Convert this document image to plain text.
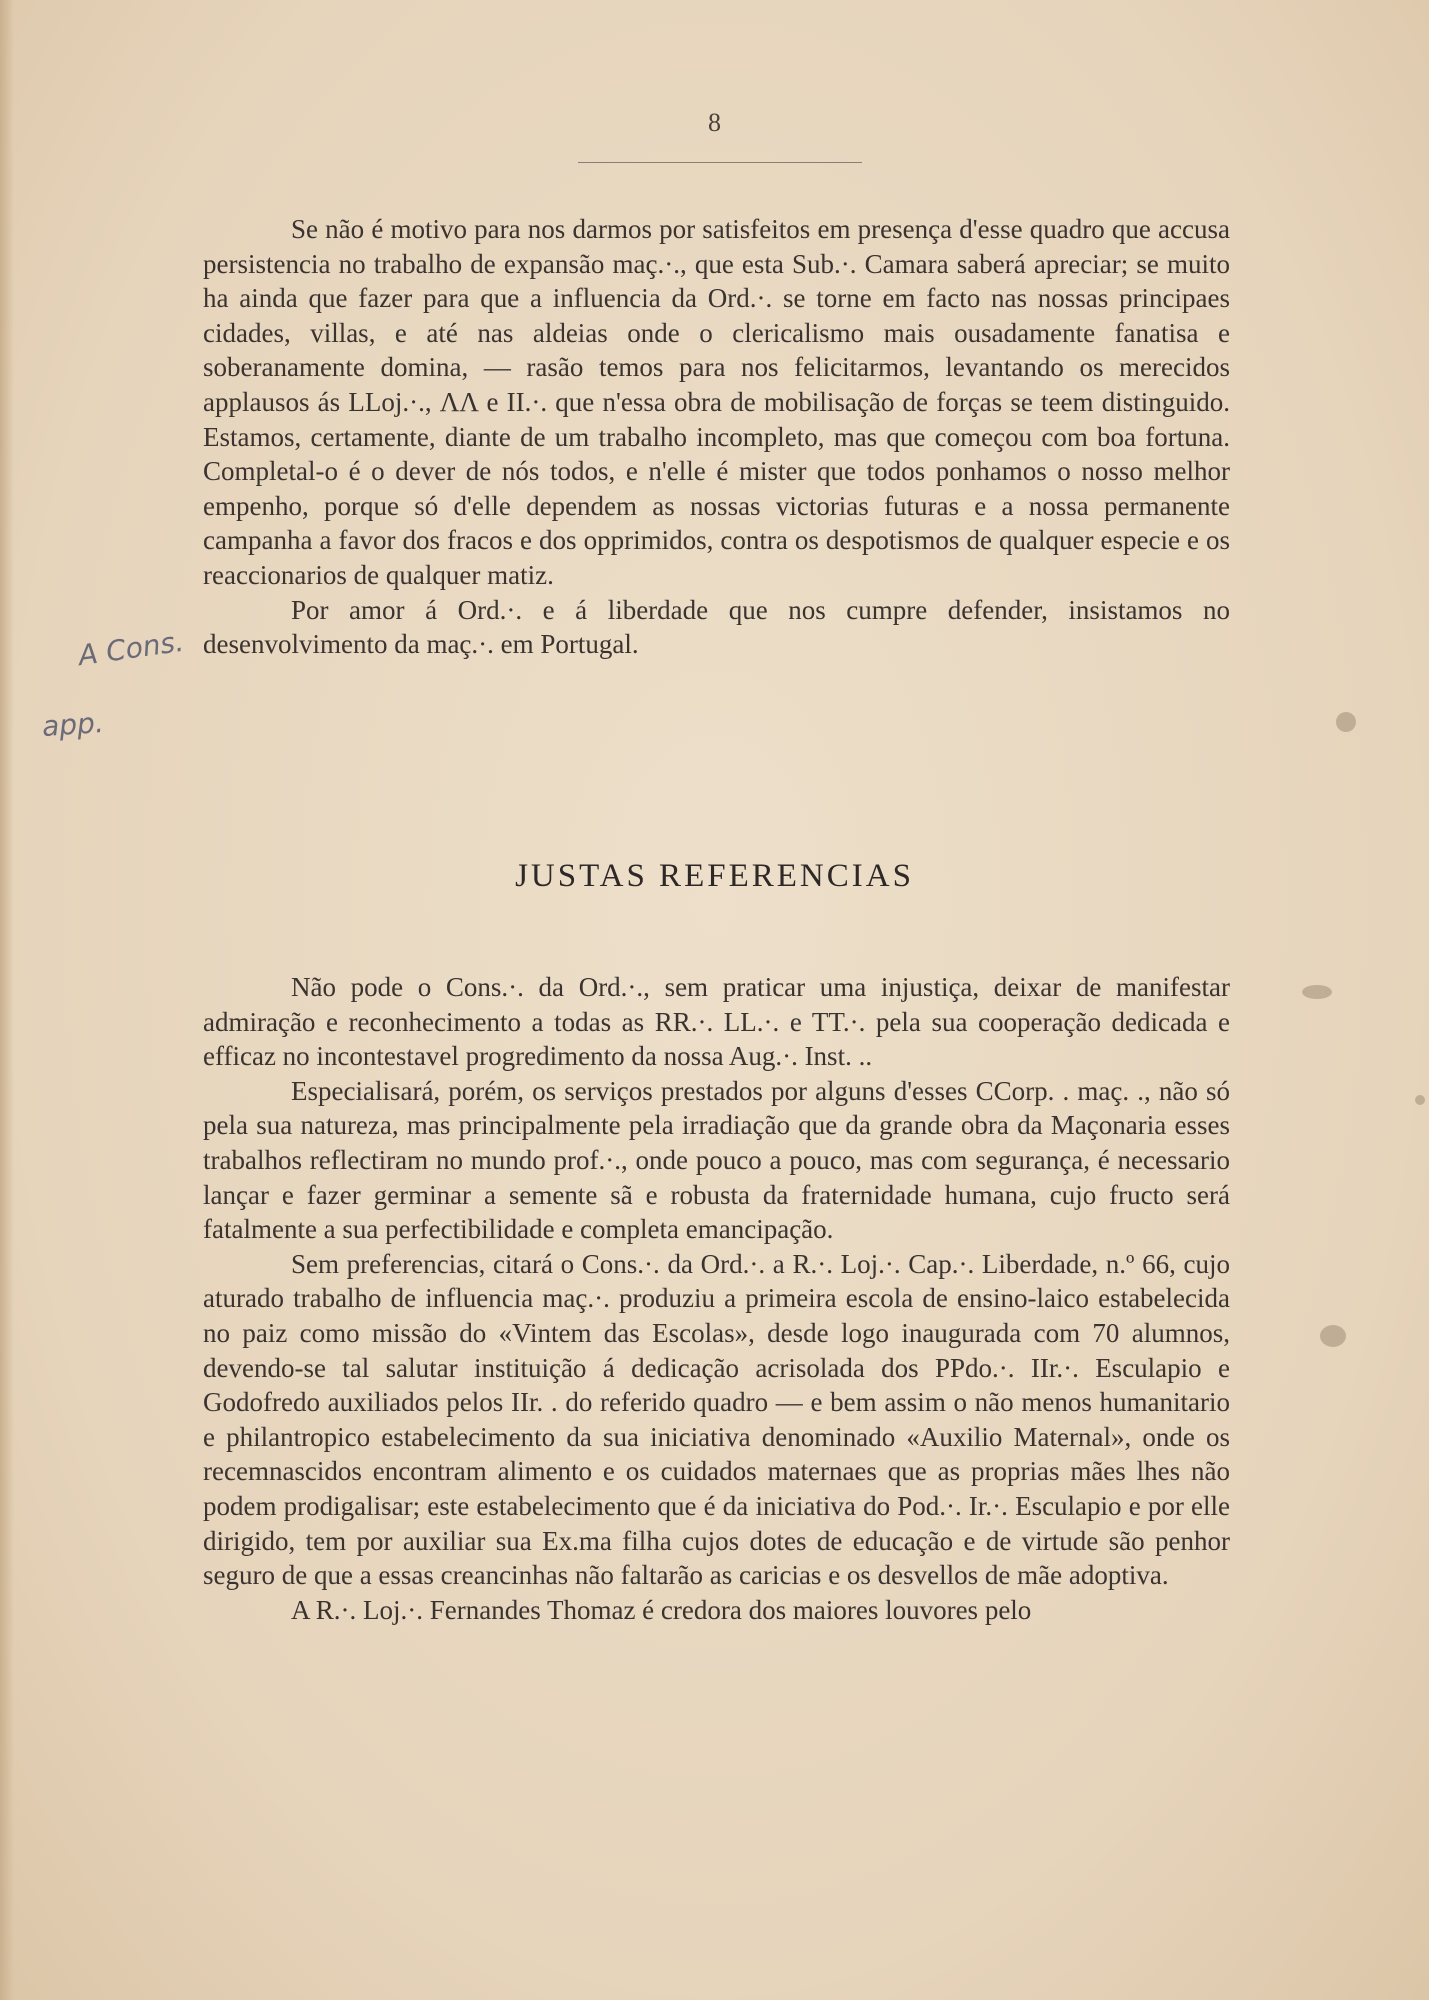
8

Se não é motivo para nos darmos por satisfeitos em presença d'esse quadro que accusa persistencia no trabalho de expansão maç.·., que esta Sub.·. Camara saberá apreciar; se muito ha ainda que fazer para que a influencia da Ord.·. se torne em facto nas nossas principaes cidades, villas, e até nas aldeias onde o clericalismo mais ousadamente fanatisa e soberanamente domina, — rasão temos para nos felicitarmos, levantando os merecidos applausos ás LLoj.·., ΛΛ e II.·. que n'essa obra de mobilisação de forças se teem distinguido. Estamos, certamente, diante de um trabalho incompleto, mas que começou com boa fortuna. Completal-o é o dever de nós todos, e n'elle é mister que todos ponhamos o nosso melhor empenho, porque só d'elle dependem as nossas victorias futuras e a nossa permanente campanha a favor dos fracos e dos opprimidos, contra os despotismos de qualquer especie e os reaccionarios de qualquer matiz.

Por amor á Ord.·. e á liberdade que nos cumpre defender, insistamos no desenvolvimento da maç.·. em Portugal.

A Cons.
app.
JUSTAS REFERENCIAS

Não pode o Cons.·. da Ord.·., sem praticar uma injustiça, deixar de manifestar admiração e reconhecimento a todas as RR.·. LL.·. e TT.·. pela sua cooperação dedicada e efficaz no incontestavel progredimento da nossa Aug.·. Inst. ..

Especialisará, porém, os serviços prestados por alguns d'esses CCorp. . maç. ., não só pela sua natureza, mas principalmente pela irradiação que da grande obra da Maçonaria esses trabalhos reflectiram no mundo prof.·., onde pouco a pouco, mas com segurança, é necessario lançar e fazer germinar a semente sã e robusta da fraternidade humana, cujo fructo será fatalmente a sua perfectibilidade e completa emancipação.

Sem preferencias, citará o Cons.·. da Ord.·. a R.·. Loj.·. Cap.·. Liberdade, n.º 66, cujo aturado trabalho de influencia maç.·. produziu a primeira escola de ensino-laico estabelecida no paiz como missão do «Vintem das Escolas», desde logo inaugurada com 70 alumnos, devendo-se tal salutar instituição á dedicação acrisolada dos PPdo.·. IIr.·. Esculapio e Godofredo auxiliados pelos IIr. . do referido quadro — e bem assim o não menos humanitario e philantropico estabelecimento da sua iniciativa denominado «Auxilio Maternal», onde os recemnascidos encontram alimento e os cuidados maternaes que as proprias mães lhes não podem prodigalisar; este estabelecimento que é da iniciativa do Pod.·. Ir.·. Esculapio e por elle dirigido, tem por auxiliar sua Ex.ma filha cujos dotes de educação e de virtude são penhor seguro de que a essas creancinhas não faltarão as caricias e os desvellos de mãe adoptiva.

A R.·. Loj.·. Fernandes Thomaz é credora dos maiores louvores pelo
